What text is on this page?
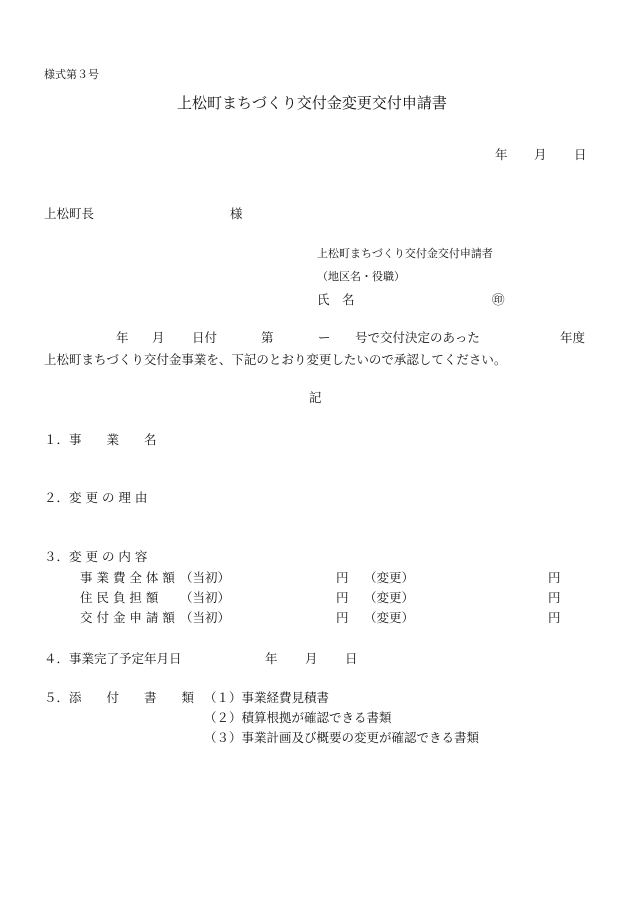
様式第３号
上松町まちづくり交付金変更交付申請書
年 月 日
上松町長	様
上松町まちづくり交付金交付申請者
（地区名・役職）
氏　名	㊞
年 月 日付	第	ー 号で交付決定のあった	年度
上松町まちづくり交付金事業を、下記のとおり変更したいので承認してください。
記
１．事　　業　　名
２．変 更 の 理 由
３．変 更 の 内 容
事 業 費 全 体 額 （当初）	円 （変更）	円
住 民 負 担 額 （当初）	円 （変更）	円
交 付 金 申 請 額 （当初）	円 （変更）	円
４．事業完了予定年月日	年 月 日
５．添　　付　　書　　類 （１）事業経費見積書
（２）積算根拠が確認できる書類
（３）事業計画及び概要の変更が確認できる書類
